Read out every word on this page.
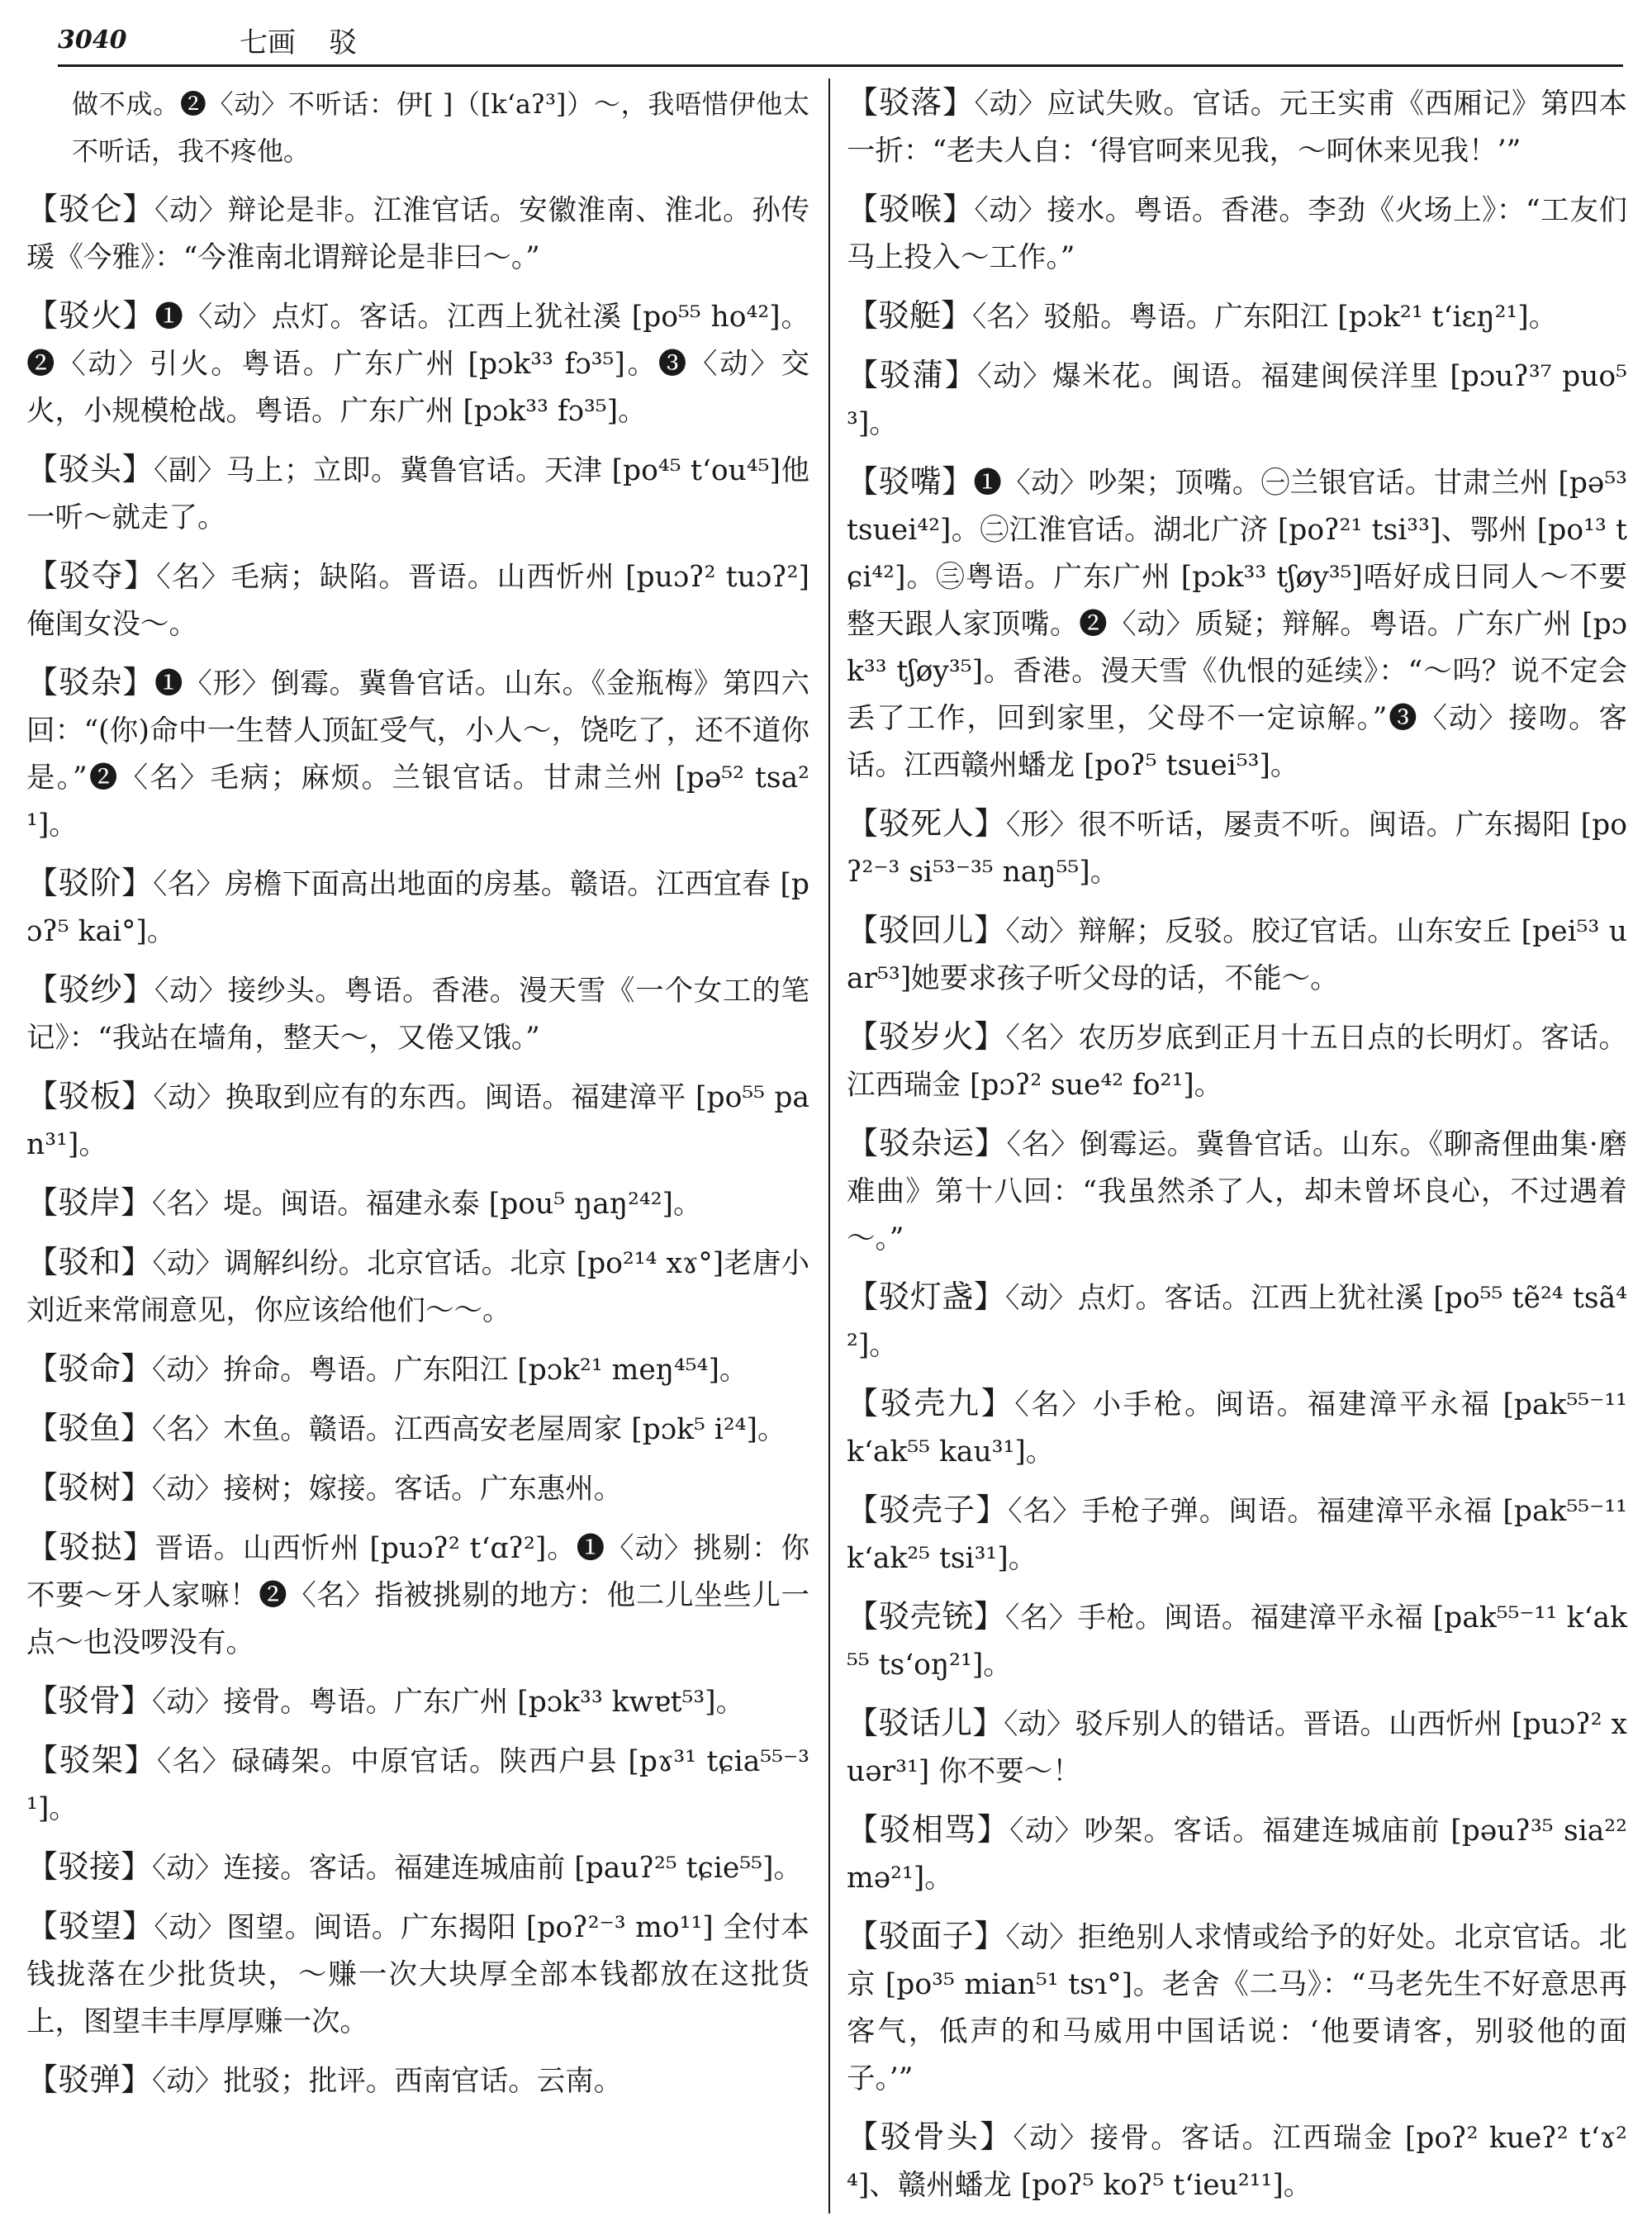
3040	七画 驳

做不成。❷〈动〉不听话：伊[ ]（[k‘aʔ³]）～，我唔惜伊他太不听话，我不疼他。

【驳仑】〈动〉辩论是非。江淮官话。安徽淮南、淮北。孙传瑗《今雅》：“今淮南北谓辩论是非曰～。”

【驳火】❶〈动〉点灯。客话。江西上犹社溪 [po⁵⁵ ho⁴²]。❷〈动〉引火。粤语。广东广州 [pɔk³³ fɔ³⁵]。❸〈动〉交火，小规模枪战。粤语。广东广州 [pɔk³³ fɔ³⁵]。

【驳头】〈副〉马上；立即。冀鲁官话。天津 [po⁴⁵ t‘ou⁴⁵]他一听～就走了。

【驳夺】〈名〉毛病；缺陷。晋语。山西忻州 [puɔʔ² tuɔʔ²]俺闺女没～。

【驳杂】❶〈形〉倒霉。冀鲁官话。山东。《金瓶梅》第四六回：“(你)命中一生替人顶缸受气，小人～，饶吃了，还不道你是。”❷〈名〉毛病；麻烦。兰银官话。甘肃兰州 [pə⁵² tsa²¹]。

【驳阶】〈名〉房檐下面高出地面的房基。赣语。江西宜春 [pɔʔ⁵ kai°]。

【驳纱】〈动〉接纱头。粤语。香港。漫天雪《一个女工的笔记》：“我站在墙角，整天～，又倦又饿。”

【驳板】〈动〉换取到应有的东西。闽语。福建漳平 [po⁵⁵ pan³¹]。

【驳岸】〈名〉堤。闽语。福建永泰 [pou⁵ ŋaŋ²⁴²]。

【驳和】〈动〉调解纠纷。北京官话。北京 [po²¹⁴ xɤ°]老唐小刘近来常闹意见，你应该给他们～～。

【驳命】〈动〉拚命。粤语。广东阳江 [pɔk²¹ meŋ⁴⁵⁴]。

【驳鱼】〈名〉木鱼。赣语。江西高安老屋周家 [pɔk⁵ i²⁴]。

【驳树】〈动〉接树；嫁接。客话。广东惠州。

【驳挞】晋语。山西忻州 [puɔʔ² t‘ɑʔ²]。❶〈动〉挑剔：你不要～牙人家嘛！❷〈名〉指被挑剔的地方：他二儿坐些儿一点～也没啰没有。

【驳骨】〈动〉接骨。粤语。广东广州 [pɔk³³ kwɐt⁵³]。

【驳架】〈名〉碌碡架。中原官话。陕西户县 [pɤ³¹ tɕia⁵⁵⁻³¹]。

【驳接】〈动〉连接。客话。福建连城庙前 [pauʔ²⁵ tɕie⁵⁵]。

【驳望】〈动〉图望。闽语。广东揭阳 [poʔ²⁻³ mo¹¹] 全付本钱拢落在少批货块，～赚一次大块厚全部本钱都放在这批货上，图望丰丰厚厚赚一次。

【驳弹】〈动〉批驳；批评。西南官话。云南。

【驳落】〈动〉应试失败。官话。元王实甫《西厢记》第四本一折：“老夫人自：‘得官呵来见我，～呵休来见我！’”

【驳喉】〈动〉接水。粤语。香港。李劲《火场上》：“工友们马上投入～工作。”

【驳艇】〈名〉驳船。粤语。广东阳江 [pɔk²¹ t‘iɛŋ²¹]。

【驳蒲】〈动〉爆米花。闽语。福建闽侯洋里 [pɔuʔ³⁷ puo⁵³]。

【驳嘴】❶〈动〉吵架；顶嘴。㊀兰银官话。甘肃兰州 [pə⁵³ tsuei⁴²]。㊁江淮官话。湖北广济 [poʔ²¹ tsi³³]、鄂州 [po¹³ tɕi⁴²]。㊂粤语。广东广州 [pɔk³³ tʃøy³⁵]唔好成日同人～不要整天跟人家顶嘴。❷〈动〉质疑；辩解。粤语。广东广州 [pɔk³³ tʃøy³⁵]。香港。漫天雪《仇恨的延续》：“～吗？说不定会丢了工作，回到家里，父母不一定谅解。”❸〈动〉接吻。客话。江西赣州蟠龙 [poʔ⁵ tsuei⁵³]。

【驳死人】〈形〉很不听话，屡责不听。闽语。广东揭阳 [poʔ²⁻³ si⁵³⁻³⁵ naŋ⁵⁵]。

【驳回儿】〈动〉辩解；反驳。胶辽官话。山东安丘 [pei⁵³ uar⁵³]她要求孩子听父母的话，不能～。

【驳岁火】〈名〉农历岁底到正月十五日点的长明灯。客话。江西瑞金 [pɔʔ² sue⁴² fo²¹]。

【驳杂运】〈名〉倒霉运。冀鲁官话。山东。《聊斋俚曲集·磨难曲》第十八回：“我虽然杀了人，却未曾坏良心，不过遇着～。”

【驳灯盏】〈动〉点灯。客话。江西上犹社溪 [po⁵⁵ tẽ²⁴ tsã⁴²]。

【驳壳九】〈名〉小手枪。闽语。福建漳平永福 [pak⁵⁵⁻¹¹ k‘ak⁵⁵ kau³¹]。

【驳壳子】〈名〉手枪子弹。闽语。福建漳平永福 [pak⁵⁵⁻¹¹ k‘ak²⁵ tsi³¹]。

【驳壳铳】〈名〉手枪。闽语。福建漳平永福 [pak⁵⁵⁻¹¹ k‘ak⁵⁵ ts‘oŋ²¹]。

【驳话儿】〈动〉驳斥别人的错话。晋语。山西忻州 [puɔʔ² xuər³¹] 你不要～！

【驳相骂】〈动〉吵架。客话。福建连城庙前 [pəuʔ³⁵ sia²² mə²¹]。

【驳面子】〈动〉拒绝别人求情或给予的好处。北京官话。北京 [po³⁵ mian⁵¹ tsɿ°]。老舍《二马》：“马老先生不好意思再客气，低声的和马威用中国话说：‘他要请客，别驳他的面子。’”

【驳骨头】〈动〉接骨。客话。江西瑞金 [poʔ² kueʔ² t‘ɤ²⁴]、赣州蟠龙 [poʔ⁵ koʔ⁵ t‘ieu²¹¹]。
